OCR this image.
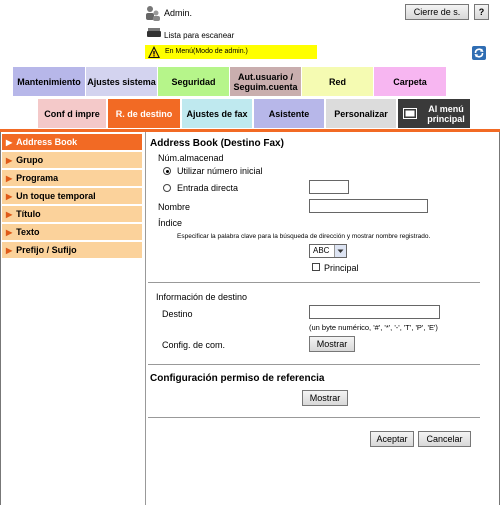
Admin.	Cierre de s.	?
Lista para escanear
En Menú(Modo de admin.)
Mantenimiento Ajustes sistema Seguridad	Aut.usuario / Seguim.cuenta	Red	Carpeta
Conf d impre R. de destino Ajustes de fax Asistente	Personalizar	Al menú principal
▶ Address Book
▶ Grupo
▶ Programa
▶ Un toque temporal
▶ Título
▶ Texto
▶ Prefijo / Sufijo
Address Book (Destino Fax)
Núm.almacenad
Utilizar número inicial
Entrada directa
Nombre
Índice
Especificar la palabra clave para la búsqueda de dirección y mostrar nombre registrado.
ABC
Principal
Información de destino
Destino
(un byte numérico, '#', '*', '-', 'T', 'P', 'E')
Config. de com.	Mostrar
Configuración permiso de referencia
Mostrar
Aceptar	Cancelar
